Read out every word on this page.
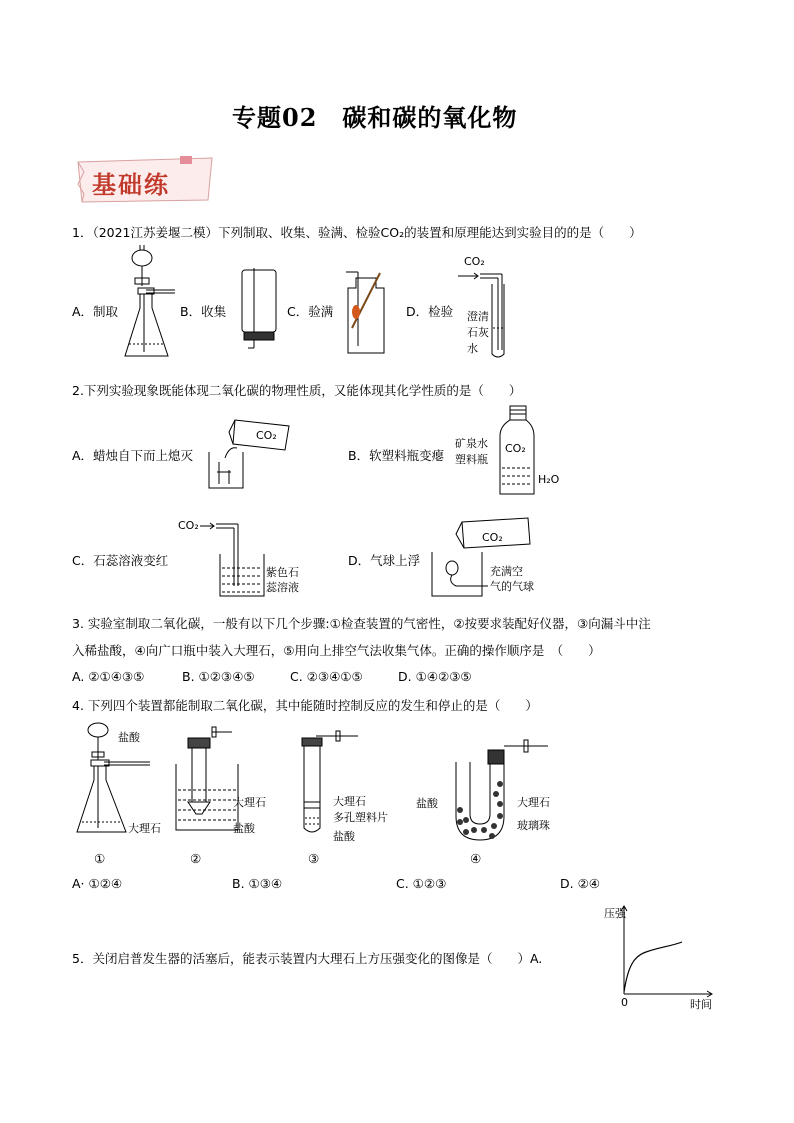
专题02　碳和碳的氧化物
基础练
1．（2021江苏姜堰二模）下列制取、收集、验满、检验CO₂的装置和原理能达到实验目的的是（　　）
A．制取	B．收集	C．验满	D．检验
CO₂
澄清
石灰
水
2.下列实验现象既能体现二氧化碳的物理性质，又能体现其化学性质的是（　　）
A．蜡烛自下而上熄灭	B．软塑料瓶变瘪
C．石蕊溶液变红	D．气球上浮
CO₂
矿泉水
塑料瓶
CO₂
H₂O
CO₂
紫色石
蕊溶液
CO₂
充满空
气的气球
3. 实验室制取二氧化碳，一般有以下几个步骤:①检查装置的气密性，②按要求装配好仪器，③向漏斗中注
入稀盐酸，④向广口瓶中装入大理石，⑤用向上排空气法收集气体。正确的操作顺序是　（　　）
A. ②①④③⑤	B. ①②③④⑤	C. ②③④①⑤	D. ①④②③⑤
4. 下列四个装置都能制取二氧化碳，其中能随时控制反应的发生和停止的是（　　）
盐酸
大理石
大理石
盐酸
大理石
多孔塑料片
盐酸
盐酸	大理石
玻璃珠
①	②	③	④
A· ①②④	B. ①③④	C. ①②③	D. ②④
5．关闭启普发生器的活塞后，能表示装置内大理石上方压强变化的图像是（　　）A.
压强
0	时间
